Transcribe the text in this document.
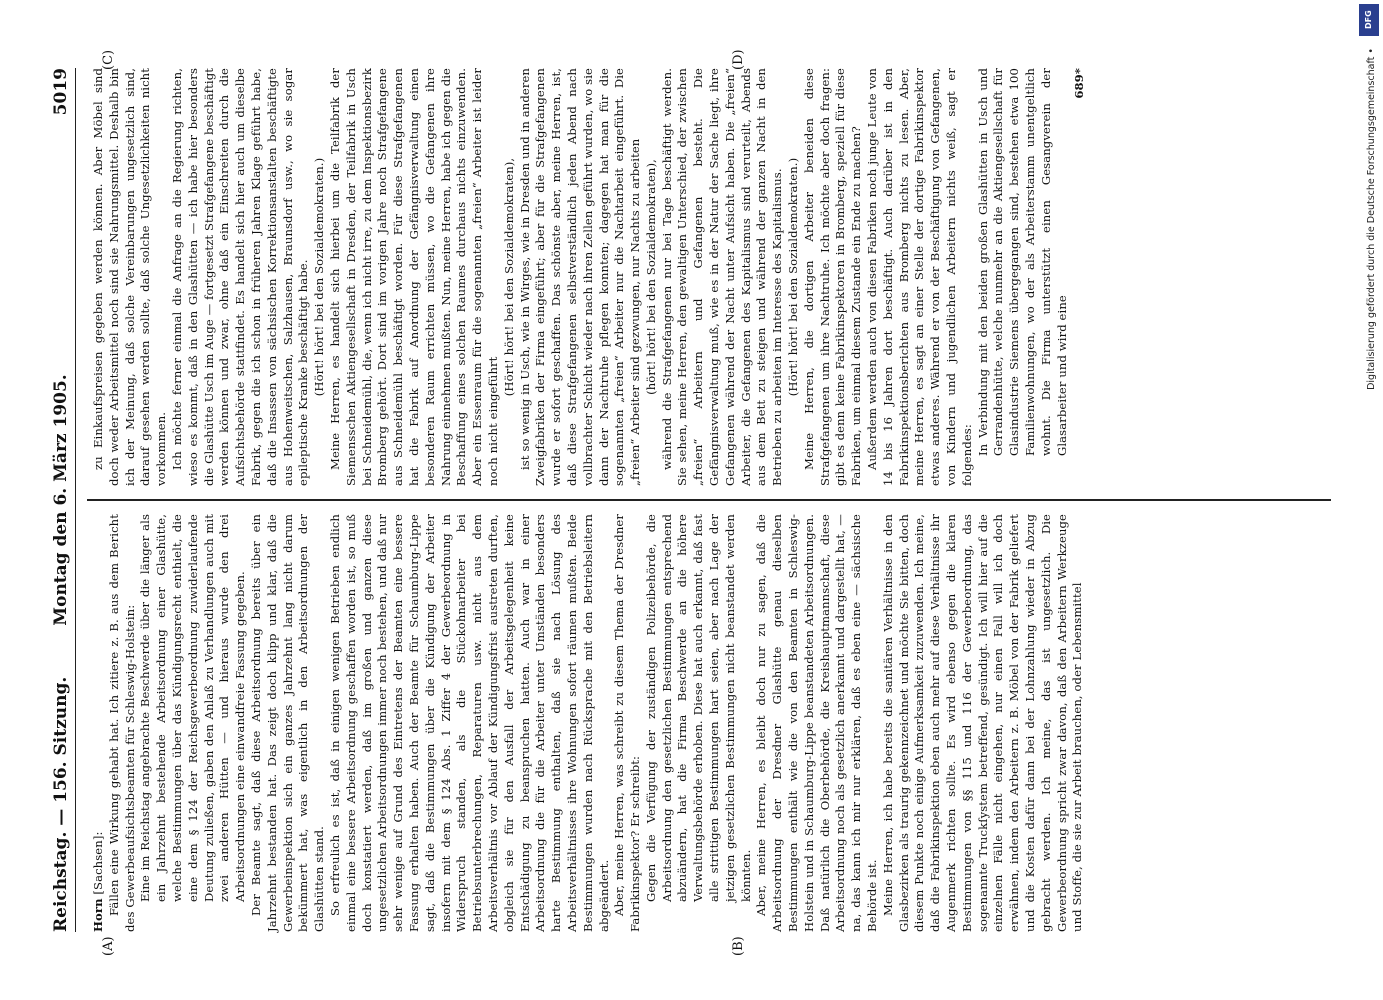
Reichstag. — 156. Sitzung.
Montag den 6. März 1905.
5019
(A)	(B)
(C)	(D)

Horn [Sachsen]: Fällen eine Wirkung gehabt hat. Ich zitiere z. B. aus dem Bericht des Gewerbeaufsichtsbeamten für Schleswig-Holstein: Eine im Reichstag angebrachte Beschwerde über die länger als ein Jahrzehnt bestehende Arbeitsordnung einer Glashütte, welche Bestimmungen über das Kündigungsrecht enthielt, die eine dem § 124 der Reichsgewerbeordnung zuwiderlaufende Deutung zuließen, gaben den Anlaß zu Verhandlungen auch mit zwei anderen Hütten — und hieraus wurde den drei Arbeitsordnungen eine einwandfreie Fassung gegeben. Der Beamte sagt, daß diese Arbeitsordnung bereits über ein Jahrzehnt bestanden hat. Das zeigt doch klipp und klar, daß die Gewerbeinspektion sich ein ganzes Jahrzehnt lang nicht darum bekümmert hat, was eigentlich in den Arbeitsordnungen der Glashütten stand. So erfreulich es ist, daß in einigen wenigen Betrieben endlich einmal eine bessere Arbeitsordnung geschaffen worden ist, so muß doch konstatiert werden, daß im großen und ganzen diese ungesetzlichen Arbeitsordnungen immer noch bestehen, und daß nur sehr wenige auf Grund des Eintretens der Beamten eine bessere Fassung erhalten haben. Auch der Beamte für Schaumburg-Lippe sagt, daß die Bestimmungen über die Kündigung der Arbeiter insofern mit dem § 124 Abs. 1 Ziffer 4 der Gewerbeordnung in Widerspruch standen, als die Stückohnarbeiter bei Betriebsunterbrechungen, Reparaturen usw. nicht aus dem Arbeitsverhältnis vor Ablauf der Kündigungsfrist austreten durften, obgleich sie für den Ausfall der Arbeitsgelegenheit keine Entschädigung zu beanspruchen hatten. Auch war in einer Arbeitsordnung die für die Arbeiter unter Umständen besonders harte Bestimmung enthalten, daß sie nach Lösung des Arbeitsverhältnisses ihre Wohnungen sofort räumen mußten. Beide Bestimmungen wurden nach Rücksprache mit den Betriebsleitern abgeändert. Aber, meine Herren, was schreibt zu diesem Thema der Dresdner Fabrikinspektor? Er schreibt: Gegen die Verfügung der zuständigen Polizeibehörde, die Arbeitsordnung den gesetzlichen Bestimmungen entsprechend abzuändern, hat die Firma Beschwerde an die höhere Verwaltungsbehörde erhoben. Diese hat auch erkannt, daß fast alle strittigen Bestimmungen hart seien, aber nach Lage der jetzigen gesetzlichen Bestimmungen nicht beanstandet werden könnten. Aber, meine Herren, es bleibt doch nur zu sagen, daß die Arbeitsordnung der Dresdner Glashütte genau dieselben Bestimmungen enthält wie die von den Beamten in Schleswig-Holstein und in Schaumburg-Lippe beanstandeten Arbeitsordnungen. Daß natürlich die Oberbehörde, die Kreishauptmannschaft, diese Arbeitsordnung noch als gesetzlich anerkannt und dargestellt hat, — na, das kann ich mir nur erklären, daß es eben eine — sächsische Behörde ist. Meine Herren, ich habe bereits die sanitären Verhältnisse in den Glasbezirken als traurig gekennzeichnet und möchte Sie bitten, doch diesem Punkte noch einige Aufmerksamkeit zuzuwenden. Ich meine, daß die Fabrikinspektion eben auch mehr auf diese Verhältnisse ihr Augenmerk richten sollte. Es wird ebenso gegen die klaren Bestimmungen von §§ 115 und 116 der Gewerbeordnung, das sogenannte Truckſystem betreffend, gesündigt. Ich will hier auf die einzelnen Fälle nicht eingehen, nur einen Fall will ich doch erwähnen, indem den Arbeitern z. B. Möbel von der Fabrik geliefert und die Kosten dafür dann bei der Lohnzahlung wieder in Abzug gebracht werden. Ich meine, das ist ungesetzlich. Die Gewerbeordnung spricht zwar davon, daß den Arbeitern Werkzeuge und Stoffe, die sie zur Arbeit brauchen, oder Lebensmittel

zu Einkaufspreisen gegeben werden können. Aber Möbel sind doch weder Arbeitsmittel noch sind sie Nahrungsmittel. Deshalb bin ich der Meinung, daß solche Vereinbarungen ungesetzlich sind, darauf gesehen werden sollte, daß solche Ungesetzlichkeiten nicht vorkommen. Ich möchte ferner einmal die Anfrage an die Regierung richten, wieso es kommt, daß in den Glashütten — ich habe hier besonders die Glashütte Usch im Auge — fortgesetzt Strafgefangene beschäftigt werden können und zwar, ohne daß ein Einschreiten durch die Aufsichtsbehörde stattfindet. Es handelt sich hier auch um dieselbe Fabrik, gegen die ich schon in früheren Jahren Klage geführt habe, daß die Insassen von sächsischen Korrektionsanstalten beschäftigte aus Hohenweitschen, Salzhausen, Braunsdorf usw., wo sie sogar epileptische Kranke beschäftigt habe. (Hört! hört! bei den Sozialdemokraten.) Meine Herren, es handelt sich hierbei um die Teilfabrik der Siemensschen Aktiengesellschaft in Dresden, der Teilfabrik in Usch bei Schneidemühl, die, wenn ich nicht irre, zu dem Inspektionsbezirk Bromberg gehört. Dort sind im vorigen Jahre noch Strafgefangene aus Schneidemühl beschäftigt worden. Für diese Strafgefangenen hat die Fabrik auf Anordnung der Gefängnisverwaltung einen besonderen Raum errichten müssen, wo die Gefangenen ihre Nahrung einnehmen mußten. Nun, meine Herren, habe ich gegen die Beschaffung eines solchen Raumes durchaus nichts einzuwenden. Aber ein Essenraum für die sogenannten „freien“ Arbeiter ist leider noch nicht eingeführt

(Hört! hört! bei den Sozialdemokraten), ist so wenig in Usch, wie in Wirges, wie in Dresden und in anderen Zweigfabriken der Firma eingeführt; aber für die Strafgefangenen wurde er sofort geschaffen. Das schönste aber, meine Herren, ist, daß diese Strafgefangenen selbstverständlich jeden Abend nach vollbrachter Schicht wieder nach ihren Zellen geführt wurden, wo sie dann der Nachtruhe pflegen konnten; dagegen hat man für die sogenannten „freien“ Arbeiter nur die Nachtarbeit eingeführt. Die „freien“ Arbeiter sind gezwungen, nur Nachts zu arbeiten (hört! hört! bei den Sozialdemokraten), während die Strafgefangenen nur bei Tage beschäftigt werden. Sie sehen, meine Herren, den gewaltigen Unterschied, der zwischen „freien“ Arbeitern und Gefangenen besteht. Die Gefängnisverwaltung muß, wie es in der Natur der Sache liegt, ihre Gefangenen während der Nacht unter Aufsicht haben. Die „freien“ Arbeiter, die Gefangenen des Kapitalismus sind verurteilt, Abends aus dem Bett zu steigen und während der ganzen Nacht in den Betrieben zu arbeiten im Interesse des Kapitalismus. (Hört! hört! bei den Sozialdemokraten.) Meine Herren, die dortigen Arbeiter beneiden diese Strafgefangenen um ihre Nachtruhe. Ich möchte aber doch fragen: gibt es denn keine Fabrikinspektoren in Bromberg, speziell für diese Fabriken, um einmal diesem Zustande ein Ende zu machen? Außerdem werden auch von diesen Fabriken noch junge Leute von 14 bis 16 Jahren dort beschäftigt. Auch darüber ist in den Fabrikinspektionsberichten aus Bromberg nichts zu lesen. Aber, meine Herren, es sagt an einer Stelle der dortige Fabrikinspektor etwas anderes. Während er von der Beschäftigung von Gefangenen, von Kindern und jugendlichen Arbeitern nichts weiß, sagt er folgendes: In Verbindung mit den beiden großen Glashütten in Usch und Gerrandenhütte, welche nunmehr an die Aktiengesellschaft für Glasindustrie Siemens übergegangen sind, bestehen etwa 100 Familienwohnungen, wo der als Arbeiterstamm unentgeltlich wohnt. Die Firma unterstützt einen Gesangverein der Glasarbeiter und wird eine

689*
DFG
Digitalisierung gefördert durch die Deutsche Forschungsgemeinschaft •
